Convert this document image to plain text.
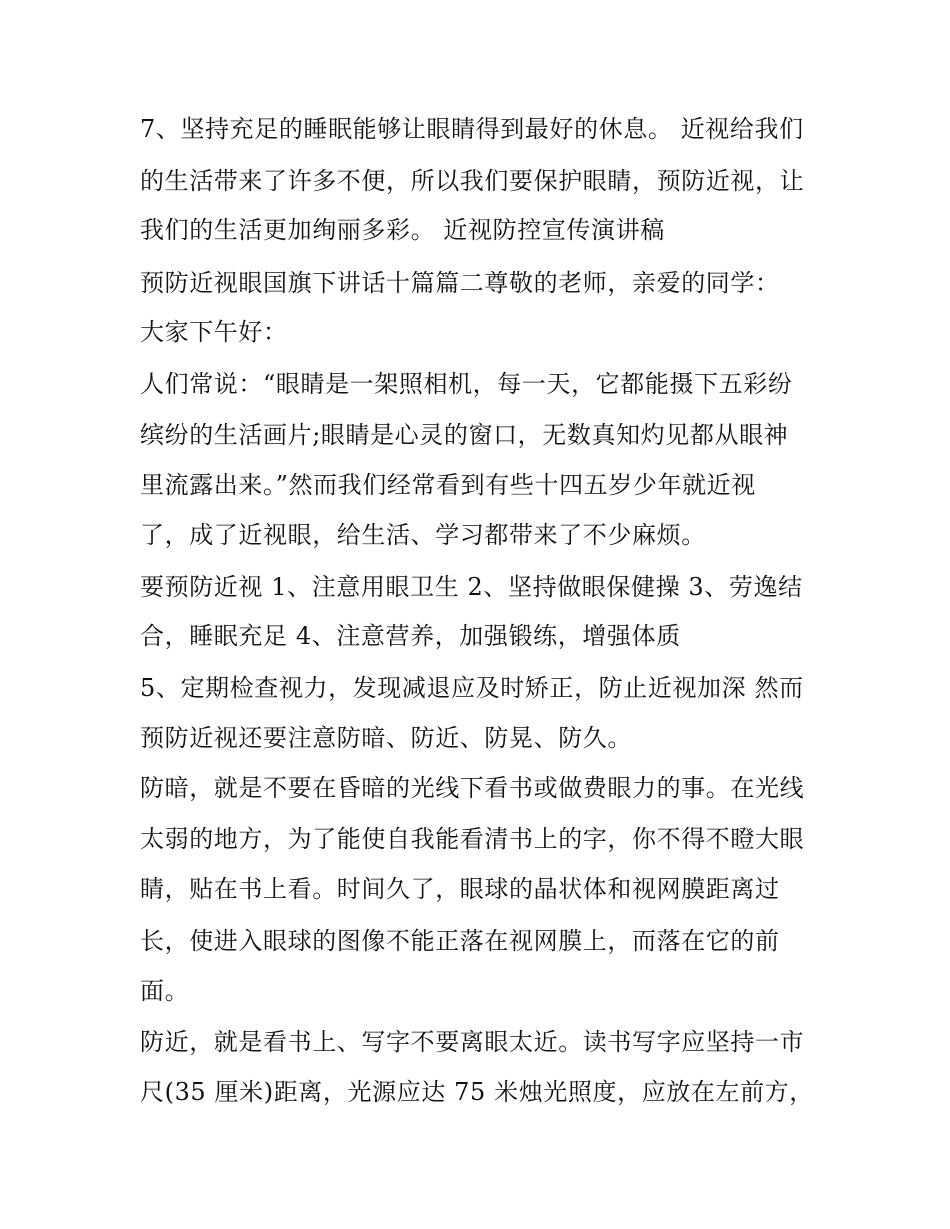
7、坚持充足的睡眠能够让眼睛得到最好的休息。 近视给我们
的生活带来了许多不便，所以我们要保护眼睛，预防近视，让
我们的生活更加绚丽多彩。 近视防控宣传演讲稿
预防近视眼国旗下讲话十篇篇二尊敬的老师，亲爱的同学：
大家下午好：
人们常说：“眼睛是一架照相机，每一天，它都能摄下五彩纷
缤纷的生活画片;眼睛是心灵的窗口，无数真知灼见都从眼神
里流露出来。”然而我们经常看到有些十四五岁少年就近视
了，成了近视眼，给生活、学习都带来了不少麻烦。
要预防近视 1、注意用眼卫生 2、坚持做眼保健操 3、劳逸结
合，睡眠充足 4、注意营养，加强锻练，增强体质
5、定期检查视力，发现减退应及时矫正，防止近视加深 然而
预防近视还要注意防暗、防近、防晃、防久。
防暗，就是不要在昏暗的光线下看书或做费眼力的事。在光线
太弱的地方，为了能使自我能看清书上的字，你不得不瞪大眼
睛，贴在书上看。时间久了，眼球的晶状体和视网膜距离过
长，使进入眼球的图像不能正落在视网膜上，而落在它的前
面。
防近，就是看书上、写字不要离眼太近。读书写字应坚持一市
尺(35 厘米)距离，光源应达 75 米烛光照度，应放在左前方，
